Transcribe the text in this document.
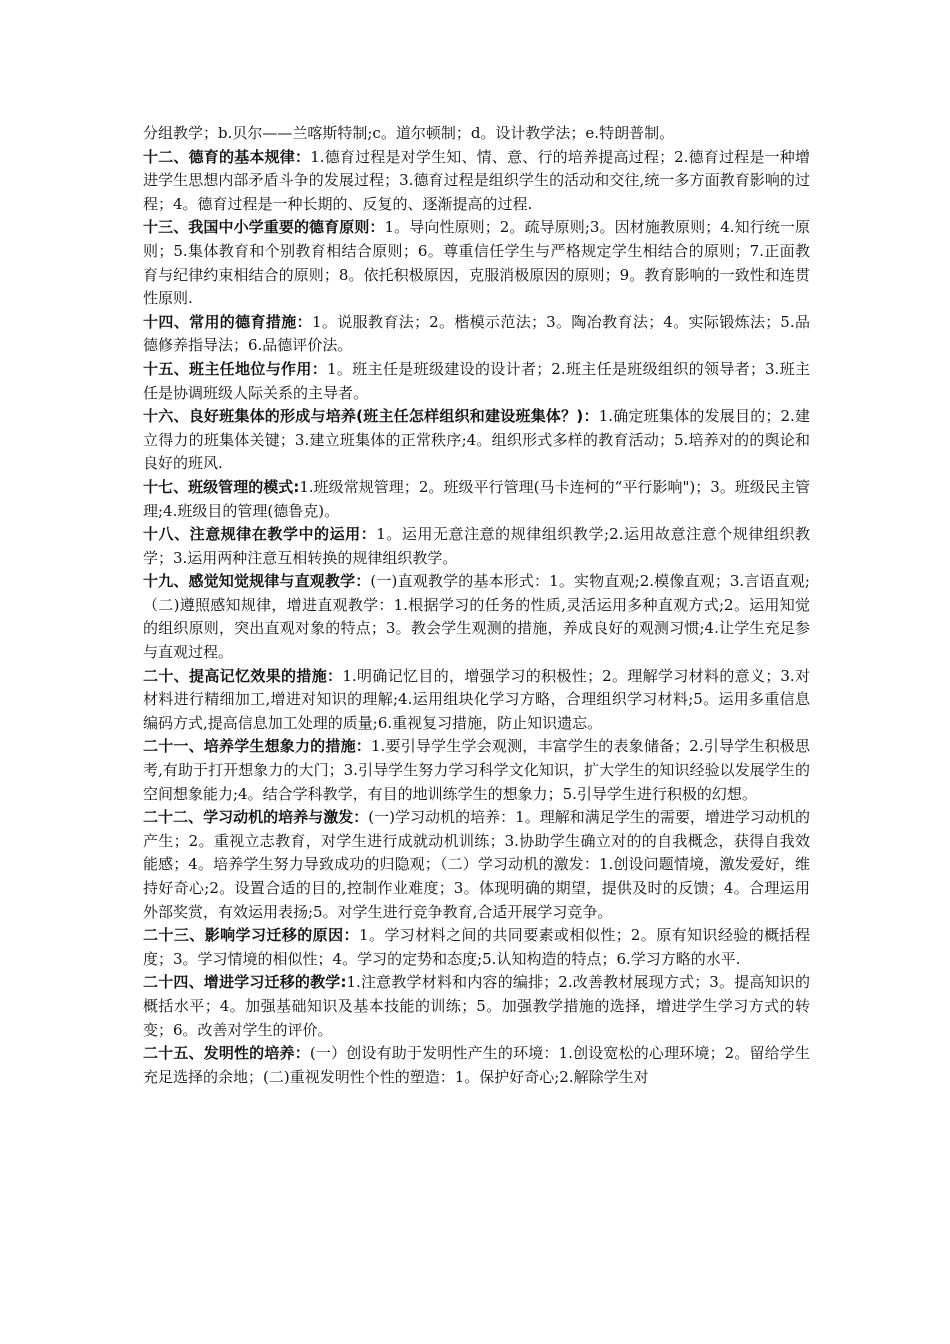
分组教学；b.贝尔——兰喀斯特制;c。道尔顿制；d。设计教学法；e.特朗普制。

十二、德育的基本规律：1.德育过程是对学生知、情、意、行的培养提高过程；2.德育过程是一种增进学生思想内部矛盾斗争的发展过程；3.德育过程是组织学生的活动和交往,统一多方面教育影响的过程；4。德育过程是一种长期的、反复的、逐渐提高的过程.

十三、我国中小学重要的德育原则：1。导向性原则；2。疏导原则;3。因材施教原则；4.知行统一原则；5.集体教育和个别教育相结合原则；6。尊重信任学生与严格规定学生相结合的原则；7.正面教育与纪律约束相结合的原则；8。依托积极原因，克服消极原因的原则；9。教育影响的一致性和连贯性原则.

十四、常用的德育措施：1。说服教育法；2。楷模示范法；3。陶冶教育法；4。实际锻炼法；5.品德修养指导法；6.品德评价法。

十五、班主任地位与作用：1。班主任是班级建设的设计者；2.班主任是班级组织的领导者；3.班主任是协调班级人际关系的主导者。

十六、良好班集体的形成与培养(班主任怎样组织和建设班集体？)：1.确定班集体的发展目的；2.建立得力的班集体关键；3.建立班集体的正常秩序;4。组织形式多样的教育活动；5.培养对的的舆论和良好的班风.

十七、班级管理的模式:1.班级常规管理；2。班级平行管理(马卡连柯的“平行影响")；3。班级民主管理;4.班级目的管理(德鲁克)。

十八、注意规律在教学中的运用：1。运用无意注意的规律组织教学;2.运用故意注意个规律组织教学；3.运用两种注意互相转换的规律组织教学。

十九、感觉知觉规律与直观教学：(一)直观教学的基本形式：1。实物直观;2.模像直观；3.言语直观;（二)遵照感知规律，增进直观教学：1.根据学习的任务的性质,灵活运用多种直观方式;2。运用知觉的组织原则，突出直观对象的特点；3。教会学生观测的措施，养成良好的观测习惯;4.让学生充足参与直观过程。

二十、提高记忆效果的措施：1.明确记忆目的，增强学习的积极性；2。理解学习材料的意义；3.对材料进行精细加工,增进对知识的理解;4.运用组块化学习方略，合理组织学习材料;5。运用多重信息编码方式,提高信息加工处理的质量;6.重视复习措施，防止知识遗忘。

二十一、培养学生想象力的措施：1.要引导学生学会观测，丰富学生的表象储备；2.引导学生积极思考,有助于打开想象力的大门；3.引导学生努力学习科学文化知识，扩大学生的知识经验以发展学生的空间想象能力;4。结合学科教学，有目的地训练学生的想象力；5.引导学生进行积极的幻想。

二十二、学习动机的培养与激发：(一)学习动机的培养：1。理解和满足学生的需要，增进学习动机的产生；2。重视立志教育，对学生进行成就动机训练；3.协助学生确立对的的自我概念，获得自我效能感；4。培养学生努力导致成功的归隐观；（二）学习动机的激发：1.创设问题情境，激发爱好，维持好奇心;2。设置合适的目的,控制作业难度；3。体现明确的期望，提供及时的反馈；4。合理运用外部奖赏，有效运用表扬;5。对学生进行竞争教育,合适开展学习竞争。

二十三、影响学习迁移的原因：1。学习材料之间的共同要素或相似性；2。原有知识经验的概括程度；3。学习情境的相似性；4。学习的定势和态度;5.认知构造的特点；6.学习方略的水平.

二十四、增进学习迁移的教学:1.注意教学材料和内容的编排；2.改善教材展现方式；3。提高知识的概括水平；4。加强基础知识及基本技能的训练；5。加强教学措施的选择，增进学生学习方式的转变；6。改善对学生的评价。

二十五、发明性的培养：(一）创设有助于发明性产生的环境：1.创设宽松的心理环境；2。留给学生充足选择的余地；(二)重视发明性个性的塑造：1。保护好奇心;2.解除学生对
